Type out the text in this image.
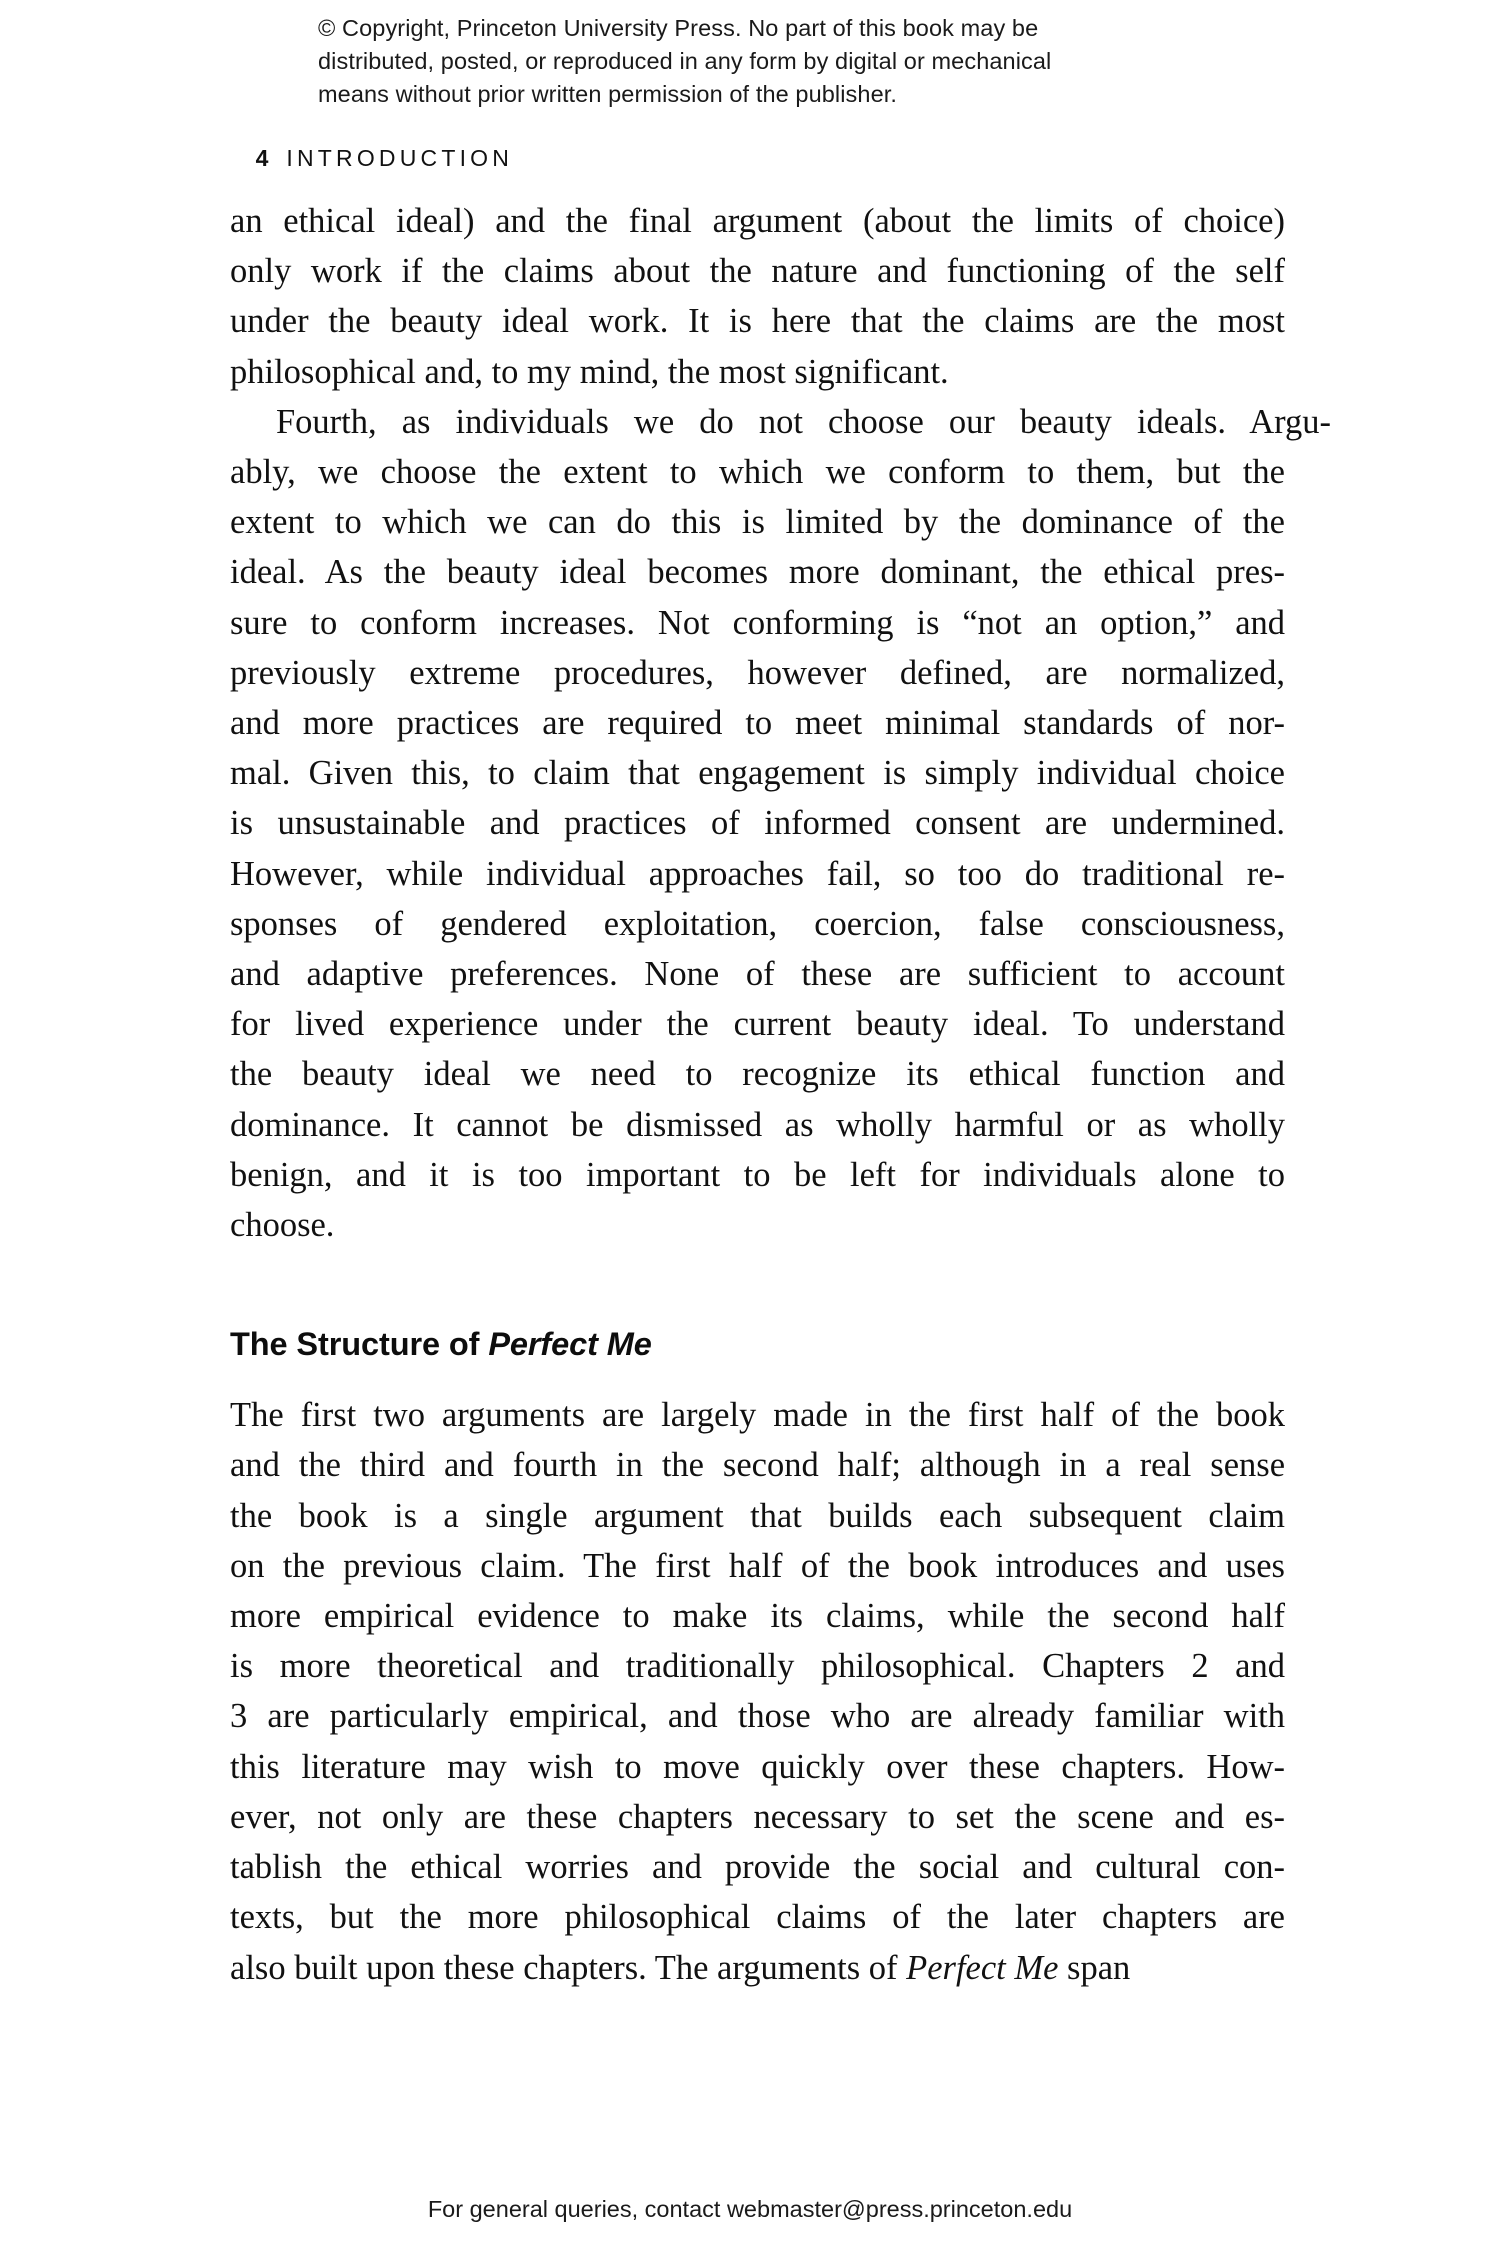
© Copyright, Princeton University Press. No part of this book may be
distributed, posted, or reproduced in any form by digital or mechanical
means without prior written permission of the publisher.

4 INTRODUCTION

an ethical ideal) and the final argument (about the limits of choice)
only work if the claims about the nature and functioning of the self
under the beauty ideal work. It is here that the claims are the most
philosophical and, to my mind, the most significant.

Fourth, as individuals we do not choose our beauty ideals. Argu-
ably, we choose the extent to which we conform to them, but the
extent to which we can do this is limited by the dominance of the
ideal. As the beauty ideal becomes more dominant, the ethical pres-
sure to conform increases. Not conforming is “not an option,” and
previously extreme procedures, however defined, are normalized,
and more practices are required to meet minimal standards of nor-
mal. Given this, to claim that engagement is simply individual choice
is unsustainable and practices of informed consent are undermined.
However, while individual approaches fail, so too do traditional re-
sponses of gendered exploitation, coercion, false consciousness,
and adaptive preferences. None of these are sufficient to account
for lived experience under the current beauty ideal. To understand
the beauty ideal we need to recognize its ethical function and
dominance. It cannot be dismissed as wholly harmful or as wholly
benign, and it is too important to be left for individuals alone to
choose.

The Structure of Perfect Me

The first two arguments are largely made in the first half of the book
and the third and fourth in the second half; although in a real sense
the book is a single argument that builds each subsequent claim
on the previous claim. The first half of the book introduces and uses
more empirical evidence to make its claims, while the second half
is more theoretical and traditionally philosophical. Chapters 2 and
3 are particularly empirical, and those who are already familiar with
this literature may wish to move quickly over these chapters. How-
ever, not only are these chapters necessary to set the scene and es-
tablish the ethical worries and provide the social and cultural con-
texts, but the more philosophical claims of the later chapters are
also built upon these chapters. The arguments of Perfect Me span

For general queries, contact webmaster@press.princeton.edu
